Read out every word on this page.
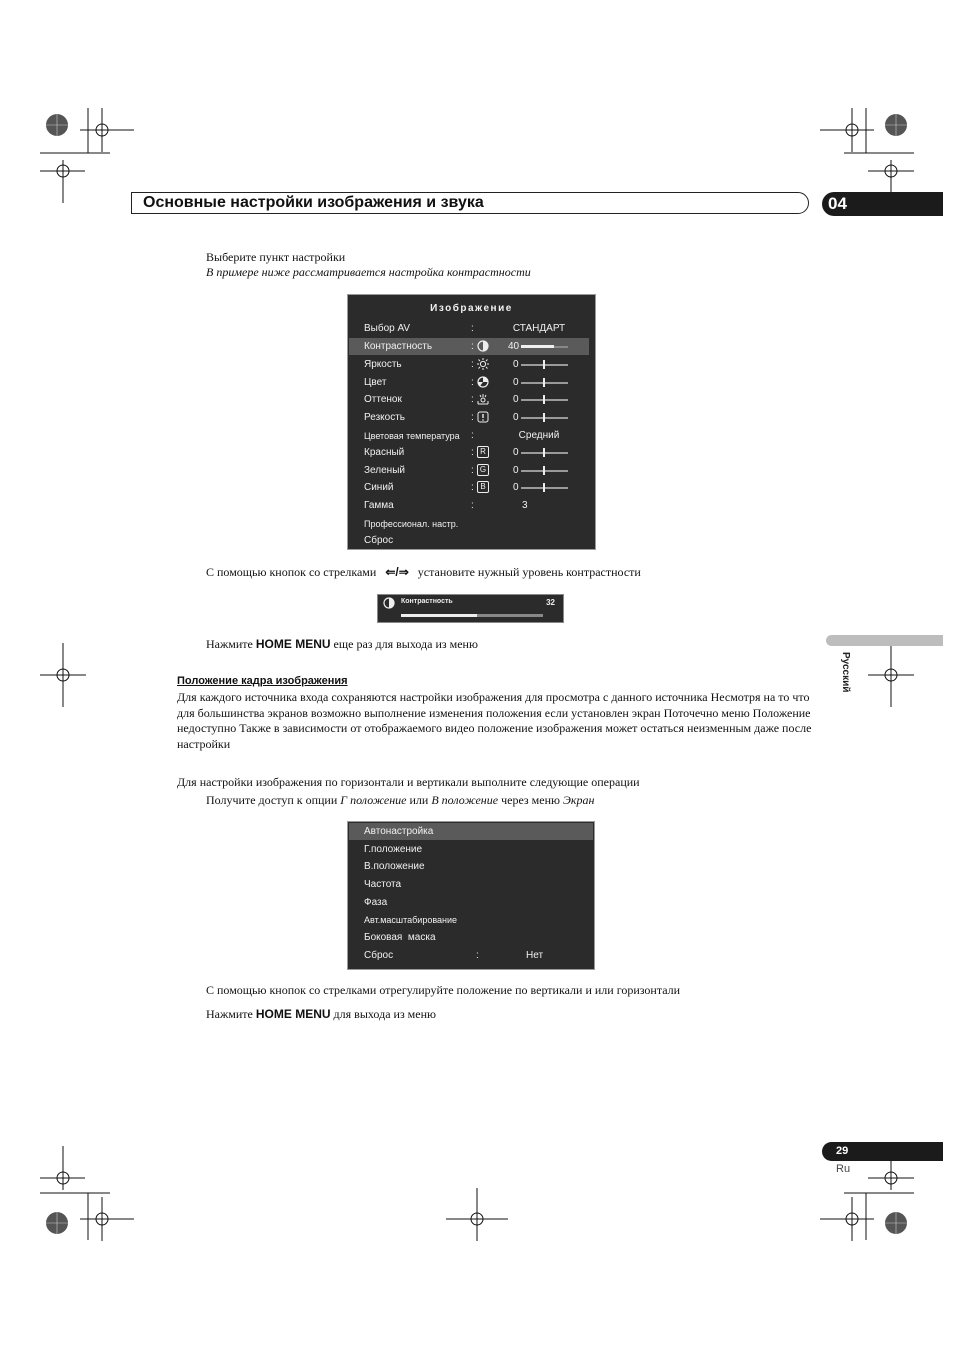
Основные настройки изображения и звука	04
Выберите пункт настройки
В примере ниже рассматривается настройка контрастности
Изображение
Выбор AV	:	СТАНДАРТ
Контрастность	:	40
Яркость	:	0
Цвет	:	0
Оттенок	:	0
Резкость	:	0
Цветовая температура :	Средний
Красный	: R	0
Зеленый	: G	0
Синий	: B	0
Гамма	:	3
Профессионал. настр.
Сброс
С помощью кнопок со стрелками ⇐/⇒ установите нужный уровень контрастности
Контрастность	32
Нажмите HOME MENU еще раз для выхода из меню
Русский
Положение кадра изображения
Для каждого источника входа сохраняются настройки изображения для просмотра с данного источника Несмотря на то что для большинства экранов возможно выполнение изменения положения если установлен экран Поточечно меню Положение недоступно Также в зависимости от отображаемого видео положение изображения может остаться неизменным даже после настройки
Для настройки изображения по горизонтали и вертикали выполните следующие операции
Получите доступ к опции Г положение или В положение через меню Экран
Автонастройка
Г.положение
В.положение
Частота
Фаза
Авт.масштабирование
Боковая  маска
Сброс	:	Нет
С помощью кнопок со стрелками отрегулируйте положение по вертикали и или горизонтали
Нажмите HOME MENU для выхода из меню
29
Ru
